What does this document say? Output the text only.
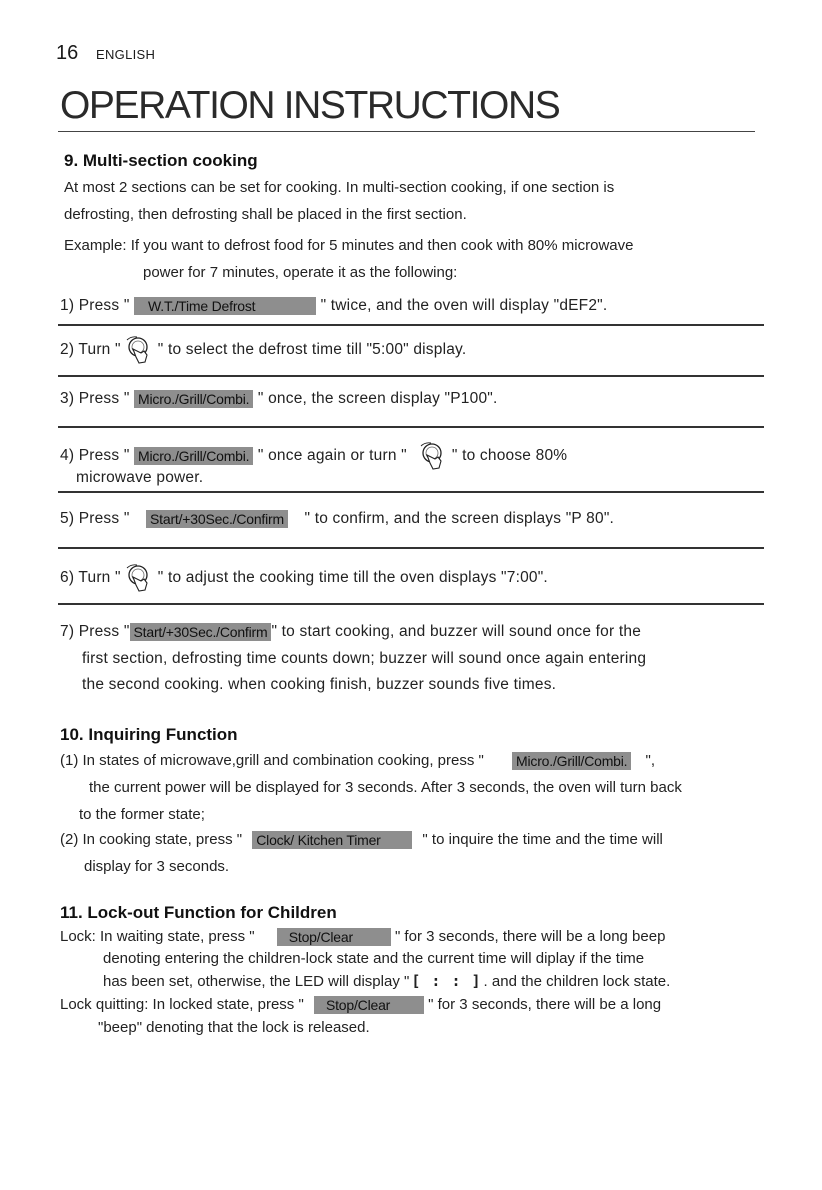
16 ENGLISH
OPERATION INSTRUCTIONS
9. Multi-section cooking
At most 2 sections can be set for cooking. In multi-section cooking, if one section is
defrosting, then defrosting shall be placed in the first section.
Example: If you want to defrost food for 5 minutes and then cook with 80% microwave
power for 7 minutes, operate it as the following:
1) Press " W.T./Time Defrost	" twice, and the oven will display "dEF2".
2) Turn " " to select the defrost time till "5:00" display.
3) Press " Micro./Grill/Combi. " once, the screen display "P100".
4) Press " Micro./Grill/Combi. " once again or turn "	" to choose 80%
microwave power.
5) Press " Start/+30Sec./Confirm " to confirm, and the screen displays "P 80".
6) Turn " " to adjust the cooking time till the oven displays "7:00".
7) Press " Start/+30Sec./Confirm " to start cooking, and buzzer will sound once for the
first section, defrosting time counts down; buzzer will sound once again entering
the second cooking. when cooking finish, buzzer sounds five times.
10. Inquiring Function
(1) In states of microwave,grill and combination cooking, press " Micro./Grill/Combi. ",
the current power will be displayed for 3 seconds. After 3 seconds, the oven will turn back
to the former state;
(2) In cooking state, press " Clock/ Kitchen Timer	" to inquire the time and the time will
display for 3 seconds.
11. Lock-out Function for Children
Lock: In waiting state, press " Stop/Clear	" for 3 seconds, there will be a long beep
denoting entering the children-lock state and the current time will diplay if the time
has been set, otherwise, the LED will display " [ : : ] . and the children lock state.
Lock quitting: In locked state, press " Stop/Clear	" for 3 seconds, there will be a long
"beep" denoting that the lock is released.
